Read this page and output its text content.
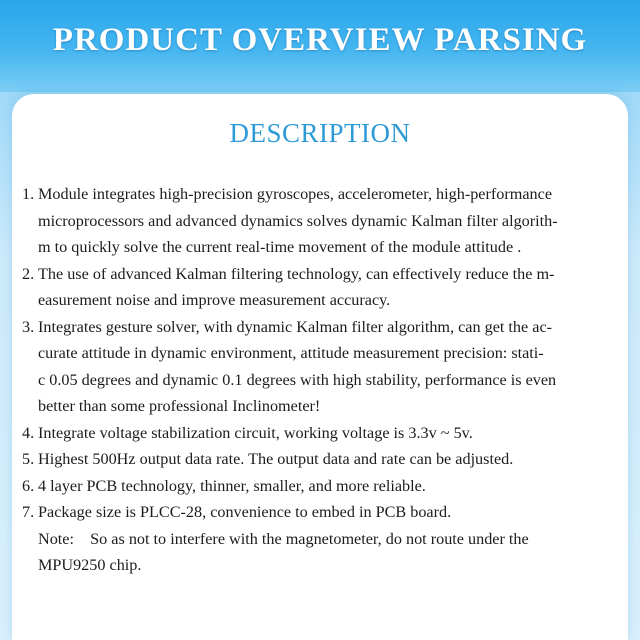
PRODUCT OVERVIEW PARSING
DESCRIPTION
1. Module integrates high-precision gyroscopes, accelerometer, high-performance
microprocessors and advanced dynamics solves dynamic Kalman filter algorith-
m to quickly solve the current real-time movement of the module attitude .
2. The use of advanced Kalman filtering technology, can effectively reduce the m-
easurement noise and improve measurement accuracy.
3. Integrates gesture solver, with dynamic Kalman filter algorithm, can get the ac-
curate attitude in dynamic environment, attitude measurement precision: stati-
c 0.05 degrees and dynamic 0.1 degrees with high stability, performance is even
better than some professional Inclinometer!
4. Integrate voltage stabilization circuit, working voltage is 3.3v ~ 5v.
5. Highest 500Hz output data rate. The output data and rate can be adjusted.
6. 4 layer PCB technology, thinner, smaller, and more reliable.
7. Package size is PLCC-28, convenience to embed in PCB board.
Note:    So as not to interfere with the magnetometer, do not route under the
MPU9250 chip.
